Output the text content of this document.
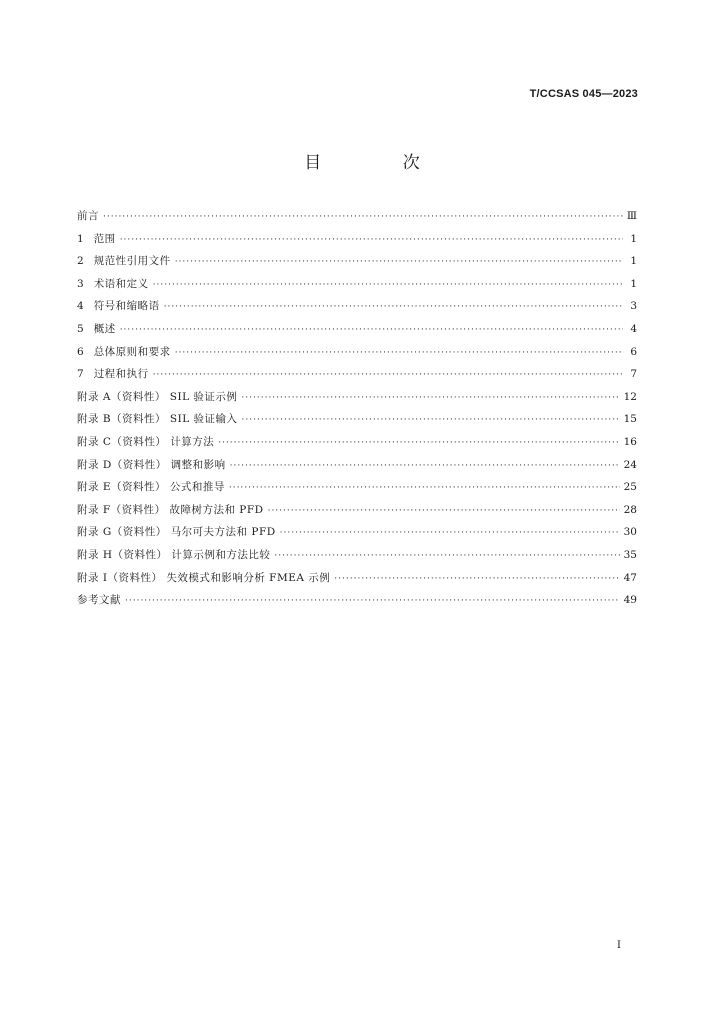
T/CCSAS 045—2023
目 次
前言 ·····	Ⅲ
1 范围 ·····	1
2 规范性引用文件 ·····	1
3 术语和定义 ·····	1
4 符号和缩略语 ·····	3
5 概述 ·····	4
6 总体原则和要求 ·····	6
7 过程和执行 ·····	7
附录 A（资料性） SIL 验证示例 ·····	12
附录 B（资料性） SIL 验证输入 ·····	15
附录 C（资料性） 计算方法 ·····	16
附录 D（资料性） 调整和影响 ·····	24
附录 E（资料性） 公式和推导 ·····	25
附录 F（资料性） 故障树方法和 PFD ·····	28
附录 G（资料性） 马尔可夫方法和 PFD ·····	30
附录 H（资料性） 计算示例和方法比较 ·····	35
附录 I（资料性） 失效模式和影响分析 FMEA 示例 ·····	47
参考文献 ·····	49
Ⅰ
